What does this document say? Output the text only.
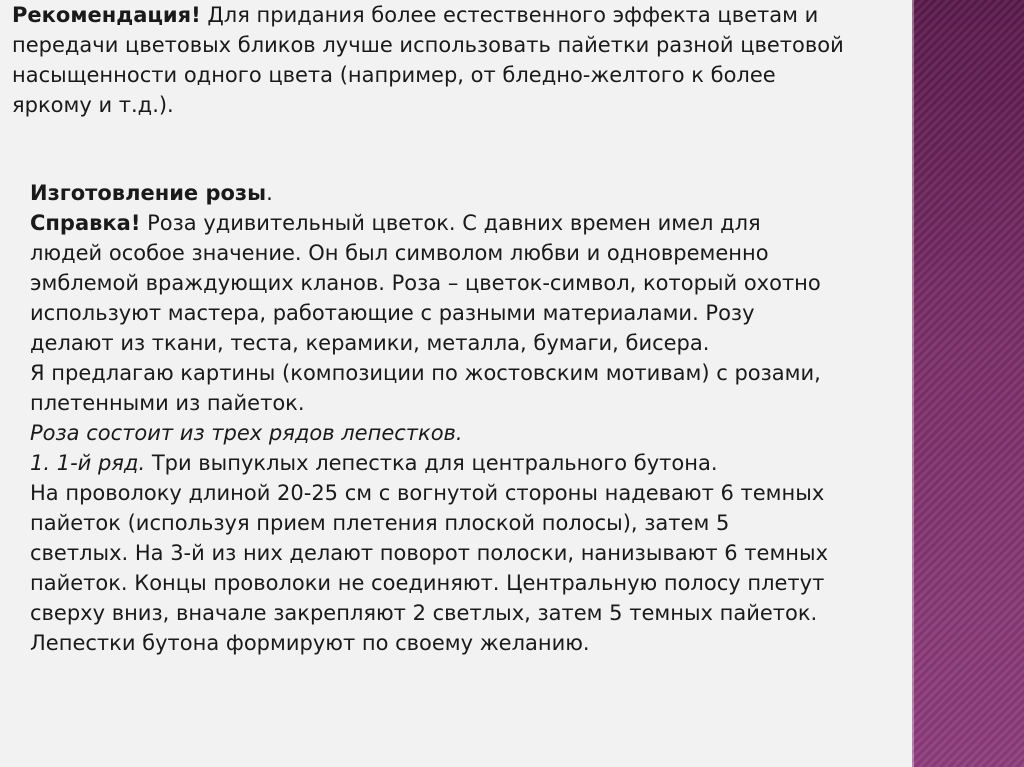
Рекомендация! Для придания более естественного эффекта цветам и
передачи цветовых бликов лучше использовать пайетки разной цветовой
насыщенности одного цвета (например, от бледно-желтого к более
яркому и т.д.).
Изготовление розы.
Справка! Роза удивительный цветок. С давних времен имел для
людей особое значение. Он был символом любви и одновременно
эмблемой враждующих кланов. Роза – цветок-символ, который охотно
используют мастера, работающие с разными материалами. Розу
делают из ткани, теста, керамики, металла, бумаги, бисера.
Я предлагаю картины (композиции по жостовским мотивам) с розами,
плетенными из пайеток.
Роза состоит из трех рядов лепестков.
1. 1-й ряд. Три выпуклых лепестка для центрального бутона.
На проволоку длиной 20-25 см с вогнутой стороны надевают 6 темных
пайеток (используя прием плетения плоской полосы), затем 5
светлых. На 3-й из них делают поворот полоски, нанизывают 6 темных
пайеток. Концы проволоки не соединяют. Центральную полосу плетут
сверху вниз, вначале закрепляют 2 светлых, затем 5 темных пайеток.
Лепестки бутона формируют по своему желанию.
